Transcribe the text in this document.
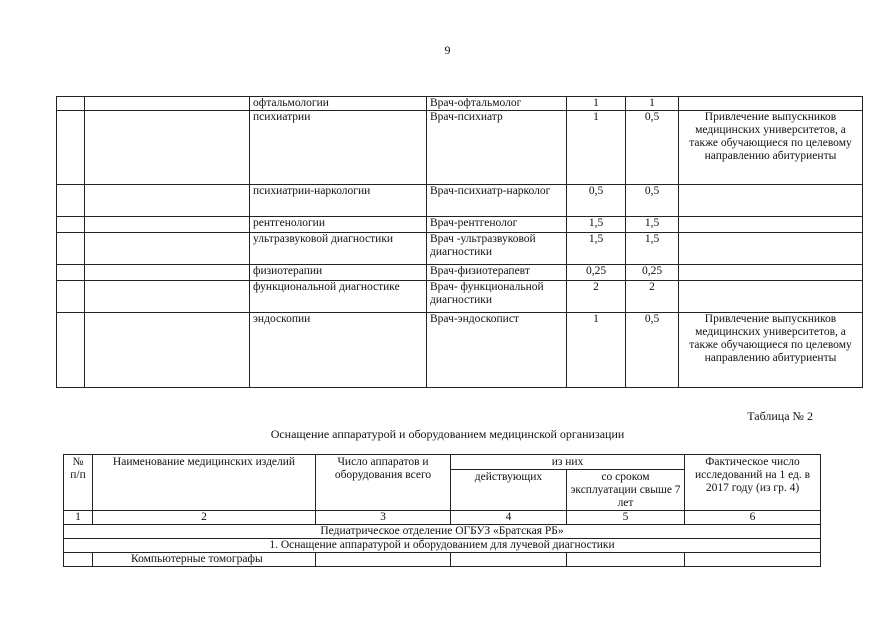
9
		офтальмологии	Врач-офтальмолог	1	1	
		психиатрии	Врач-психиатр	1	0,5	Привлечение выпускников медицинских университетов, а также обучающиеся по целевому направлению абитуриенты
		психиатрии-наркологии	Врач-психиатр-нарколог	0,5	0,5	
		рентгенологии	Врач-рентгенолог	1,5	1,5	
		ультразвуковой диагностики	Врач -ультразвуковой диагностики	1,5	1,5	
		физиотерапии	Врач-физиотерапевт	0,25	0,25	
		функциональной диагностике	Врач- функциональной диагностики	2	2	
		эндоскопии	Врач-эндоскопист	1	0,5	Привлечение выпускников медицинских университетов, а также обучающиеся по целевому направлению абитуриенты
Таблица № 2
Оснащение аппаратурой и оборудованием медицинской организации
№ п/п	Наименование медицинских изделий	Число аппаратов и оборудования всего	из них		Фактическое число исследований на 1 ед. в 2017 году (из гр. 4)
			действующих	со сроком эксплуатации свыше 7 лет	
1	2	3	4	5	6
Педиатрическое отделение ОГБУЗ «Братская РБ»					
1. Оснащение аппаратурой и оборудованием для лучевой диагностики					
	Компьютерные томографы				
